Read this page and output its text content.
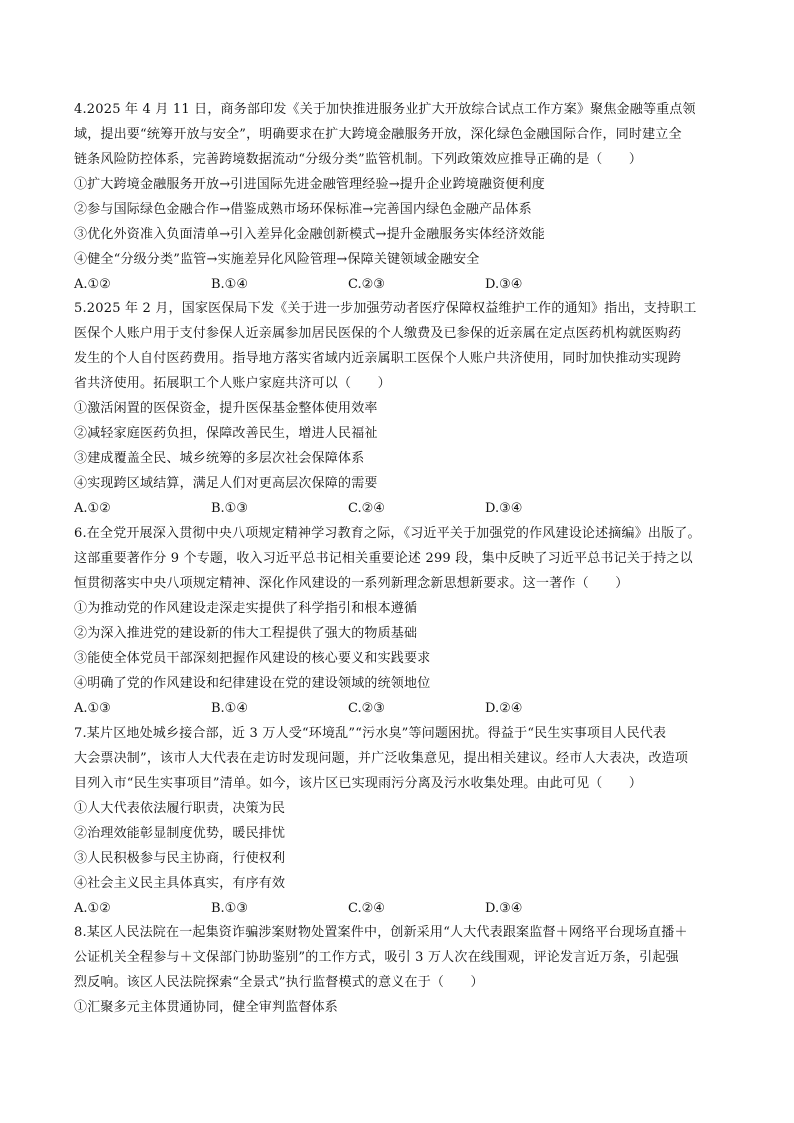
4.2025 年 4 月 11 日，商务部印发《关于加快推进服务业扩大开放综合试点工作方案》聚焦金融等重点领
域，提出要“统筹开放与安全”，明确要求在扩大跨境金融服务开放，深化绿色金融国际合作，同时建立全
链条风险防控体系，完善跨境数据流动“分级分类”监管机制。下列政策效应推导正确的是（　　）
①扩大跨境金融服务开放→引进国际先进金融管理经验→提升企业跨境融资便利度
②参与国际绿色金融合作→借鉴成熟市场环保标准→完善国内绿色金融产品体系
③优化外资准入负面清单→引入差异化金融创新模式→提升金融服务实体经济效能
④健全“分级分类”监管→实施差异化风险管理→保障关键领域金融安全
A.①②	B.①④	C.②③	D.③④
5.2025 年 2 月，国家医保局下发《关于进一步加强劳动者医疗保障权益维护工作的通知》指出，支持职工
医保个人账户用于支付参保人近亲属参加居民医保的个人缴费及已参保的近亲属在定点医药机构就医购药
发生的个人自付医药费用。指导地方落实省域内近亲属职工医保个人账户共济使用，同时加快推动实现跨
省共济使用。拓展职工个人账户家庭共济可以（　　）
①激活闲置的医保资金，提升医保基金整体使用效率
②减轻家庭医药负担，保障改善民生，增进人民福祉
③建成覆盖全民、城乡统筹的多层次社会保障体系
④实现跨区域结算，满足人们对更高层次保障的需要
A.①②	B.①③	C.②④	D.③④
6.在全党开展深入贯彻中央八项规定精神学习教育之际，《习近平关于加强党的作风建设论述摘编》出版了。
这部重要著作分 9 个专题，收入习近平总书记相关重要论述 299 段，集中反映了习近平总书记关于持之以
恒贯彻落实中央八项规定精神、深化作风建设的一系列新理念新思想新要求。这一著作（　　）
①为推动党的作风建设走深走实提供了科学指引和根本遵循
②为深入推进党的建设新的伟大工程提供了强大的物质基础
③能使全体党员干部深刻把握作风建设的核心要义和实践要求
④明确了党的作风建设和纪律建设在党的建设领域的统领地位
A.①③	B.①④	C.②③	D.②④
7.某片区地处城乡接合部，近 3 万人受“环境乱”“污水臭”等问题困扰。得益于“民生实事项目人民代表
大会票决制”，该市人大代表在走访时发现问题，并广泛收集意见，提出相关建议。经市人大表决，改造项
目列入市“民生实事项目”清单。如今，该片区已实现雨污分离及污水收集处理。由此可见（　　）
①人大代表依法履行职责，决策为民
②治理效能彰显制度优势，暖民排忧
③人民积极参与民主协商，行使权利
④社会主义民主具体真实，有序有效
A.①②	B.①③	C.②④	D.③④
8.某区人民法院在一起集资诈骗涉案财物处置案件中，创新采用“人大代表跟案监督＋网络平台现场直播＋
公证机关全程参与＋文保部门协助鉴别”的工作方式，吸引 3 万人次在线围观，评论发言近万条，引起强
烈反响。该区人民法院探索“全景式”执行监督模式的意义在于（　　）
①汇聚多元主体贯通协同，健全审判监督体系
